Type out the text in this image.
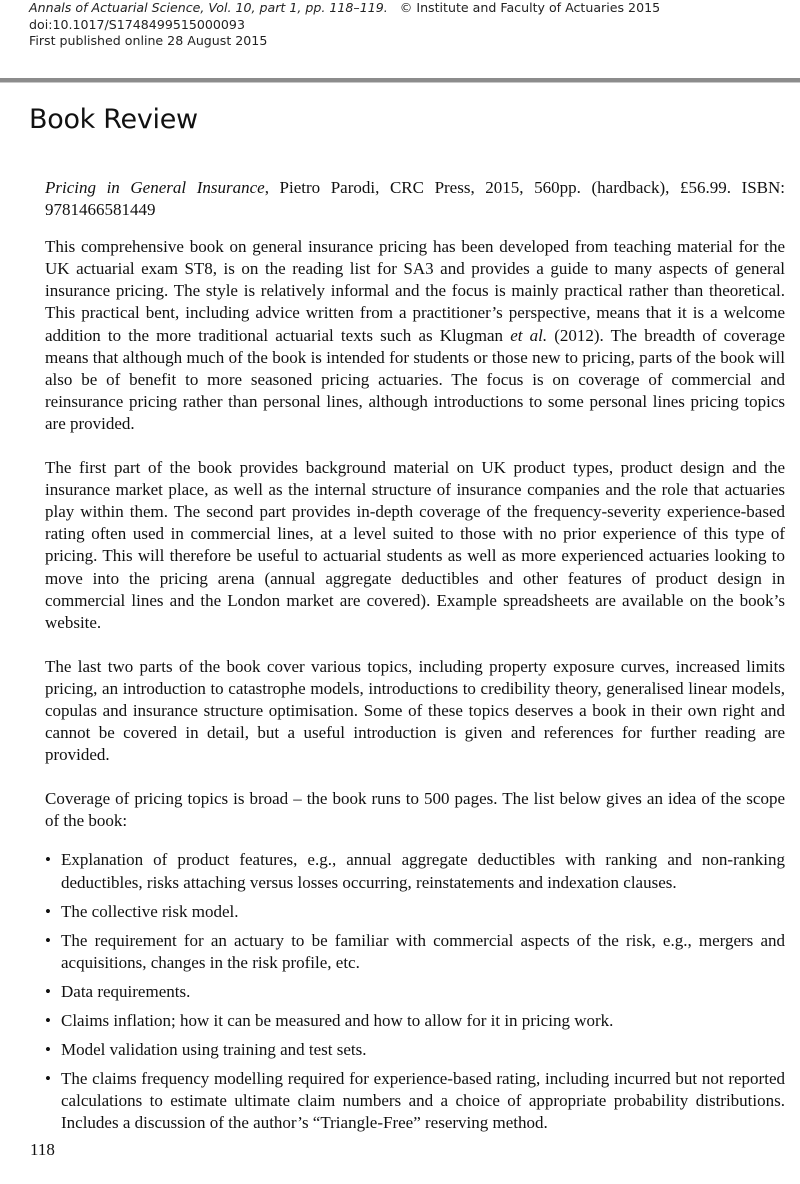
Annals of Actuarial Science, Vol. 10, part 1, pp. 118–119. © Institute and Faculty of Actuaries 2015
doi:10.1017/S1748499515000093
First published online 28 August 2015
Book Review

Pricing in General Insurance, Pietro Parodi, CRC Press, 2015, 560pp. (hardback), £56.99. ISBN: 9781466581449

This comprehensive book on general insurance pricing has been developed from teaching material for the UK actuarial exam ST8, is on the reading list for SA3 and provides a guide to many aspects of general insurance pricing. The style is relatively informal and the focus is mainly practical rather than theoretical. This practical bent, including advice written from a practitioner’s perspective, means that it is a welcome addition to the more traditional actuarial texts such as Klugman et al. (2012). The breadth of coverage means that although much of the book is intended for students or those new to pricing, parts of the book will also be of benefit to more seasoned pricing actuaries. The focus is on coverage of commercial and reinsurance pricing rather than personal lines, although introductions to some personal lines pricing topics are provided.

The first part of the book provides background material on UK product types, product design and the insurance market place, as well as the internal structure of insurance companies and the role that actuaries play within them. The second part provides in-depth coverage of the frequency-severity experience-based rating often used in commercial lines, at a level suited to those with no prior experience of this type of pricing. This will therefore be useful to actuarial students as well as more experienced actuaries looking to move into the pricing arena (annual aggregate deductibles and other features of product design in commercial lines and the London market are covered). Example spreadsheets are available on the book’s website.

The last two parts of the book cover various topics, including property exposure curves, increased limits pricing, an introduction to catastrophe models, introductions to credibility theory, generalised linear models, copulas and insurance structure optimisation. Some of these topics deserves a book in their own right and cannot be covered in detail, but a useful introduction is given and references for further reading are provided.

Coverage of pricing topics is broad – the book runs to 500 pages. The list below gives an idea of the scope of the book:

• Explanation of product features, e.g., annual aggregate deductibles with ranking and non-ranking deductibles, risks attaching versus losses occurring, reinstatements and indexation clauses.
• The collective risk model.
• The requirement for an actuary to be familiar with commercial aspects of the risk, e.g., mergers and acquisitions, changes in the risk profile, etc.
• Data requirements.
• Claims inflation; how it can be measured and how to allow for it in pricing work.
• Model validation using training and test sets.
• The claims frequency modelling required for experience-based rating, including incurred but not reported calculations to estimate ultimate claim numbers and a choice of appropriate probability distributions. Includes a discussion of the author’s “Triangle-Free” reserving method.
118
